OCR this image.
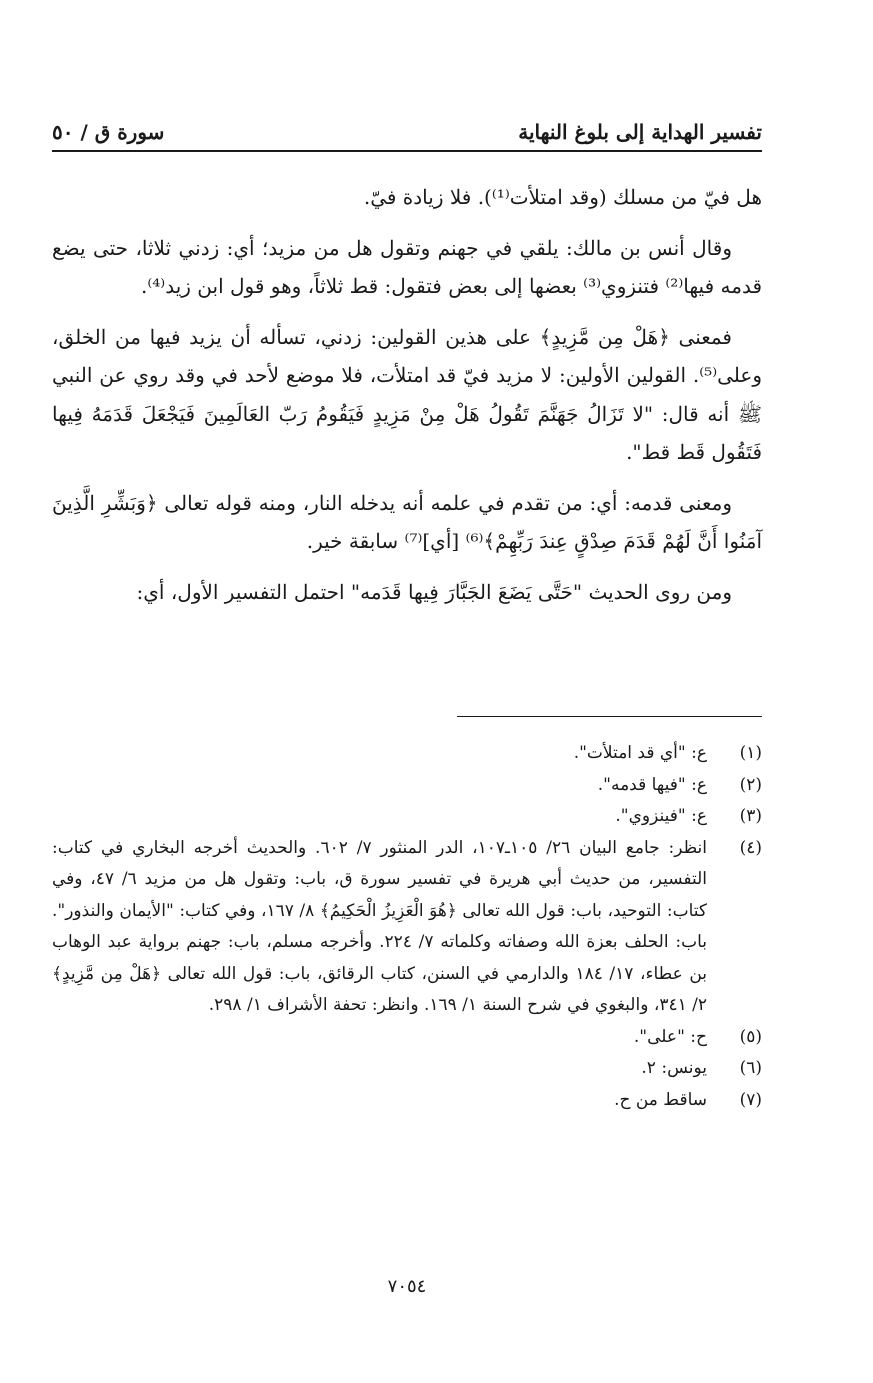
تفسير الهداية إلى بلوغ النهاية
سورة ق / ٥٠

هل فيّ من مسلك (وقد امتلأت⁽¹⁾). فلا زيادة فيّ.

وقال أنس بن مالك: يلقي في جهنم وتقول هل من مزيد؛ أي: زدني ثلاثا، حتى يضع قدمه فيها⁽²⁾ فتنزوي⁽³⁾ بعضها إلى بعض فتقول: قط ثلاثاً، وهو قول ابن زيد⁽⁴⁾.

فمعنى ﴿هَلْ مِن مَّزِيدٍ﴾ على هذين القولين: زدني، تسأله أن يزيد فيها من الخلق، وعلى⁽⁵⁾. القولين الأولين: لا مزيد فيّ قد امتلأت، فلا موضع لأحد في وقد روي عن النبي ﷺ أنه قال: "لا تَزَالُ جَهَنَّمَ تَقُولُ هَلْ مِنْ مَزِيدٍ فَيَقُومُ رَبّ العَالَمِينَ فَيَجْعَلَ قَدَمَهُ فِيها فَتَقُول قَط قط".

ومعنى قدمه: أي: من تقدم في علمه أنه يدخله النار، ومنه قوله تعالى ﴿وَبَشِّرِ الَّذِينَ آمَنُوا أَنَّ لَهُمْ قَدَمَ صِدْقٍ عِندَ رَبِّهِمْ﴾⁽⁶⁾ [أي]⁽⁷⁾ سابقة خير.

ومن روى الحديث "حَتَّى يَضَعَ الجَبَّارَ فِيها قَدَمه" احتمل التفسير الأول، أي:

(١)
ع: "أي قد امتلأت".
(٢)
ع: "فيها قدمه".
(٣)
ع: "فينزوي".
(٤)
انظر: جامع البيان ٢٦/ ١٠٥ـ١٠٧، الدر المنثور ٧/ ٦٠٢. والحديث أخرجه البخاري في كتاب: التفسير، من حديث أبي هريرة في تفسير سورة ق، باب: وتقول هل من مزيد ٦/ ٤٧، وفي كتاب: التوحيد، باب: قول الله تعالى ﴿هُوَ الْعَزِيزُ الْحَكِيمُ﴾ ٨/ ١٦٧، وفي كتاب: "الأيمان والنذور". باب: الحلف بعزة الله وصفاته وكلماته ٧/ ٢٢٤. وأخرجه مسلم، باب: جهنم برواية عبد الوهاب بن عطاء، ١٧/ ١٨٤ والدارمي في السنن، كتاب الرقائق، باب: قول الله تعالى ﴿هَلْ مِن مَّزِيدٍ﴾ ٢/ ٣٤١، والبغوي في شرح السنة ١/ ١٦٩. وانظر: تحفة الأشراف ١/ ٢٩٨.
(٥)
ح: "على".
(٦)
يونس: ٢.
(٧)
ساقط من ح.
٧٠٥٤
